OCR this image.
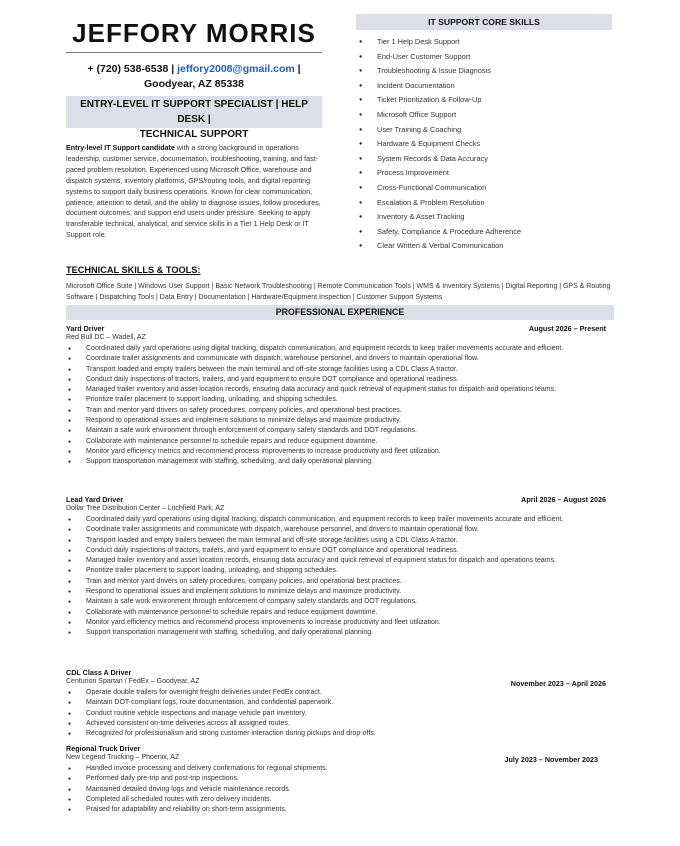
JEFFORY MORRIS
+ (720) 538-6538 | jeffory2008@gmail.com |
Goodyear, AZ 85338
ENTRY-LEVEL IT SUPPORT SPECIALIST | HELP DESK |
TECHNICAL SUPPORT
Entry-level IT Support candidate with a strong background in operations leadership, customer service, documentation, troubleshooting, training, and fast-paced problem resolution. Experienced using Microsoft Office, warehouse and dispatch systems, inventory platforms, GPS/routing tools, and digital reporting systems to support daily business operations. Known for clear communication, patience, attention to detail, and the ability to diagnose issues, follow procedures, document outcomes, and support end users under pressure. Seeking to apply transferable technical, analytical, and service skills in a Tier 1 Help Desk or IT Support role.
IT SUPPORT CORE SKILLS
● Tier 1 Help Desk Support
● End-User Customer Support
● Troubleshooting & Issue Diagnosis
● Incident Documentation
● Ticket Prioritization & Follow-Up
● Microsoft Office Support
● User Training & Coaching
● Hardware & Equipment Checks
● System Records & Data Accuracy
● Process Improvement
● Cross-Functional Communication
● Escalation & Problem Resolution
● Inventory & Asset Tracking
● Safety, Compliance & Procedure Adherence
● Clear Written & Verbal Communication
TECHNICAL SKILLS & TOOLS:
Microsoft Office Suite | Windows User Support | Basic Network Troubleshooting | Remote Communication Tools | WMS & Inventory Systems | Digital Reporting | GPS & Routing Software | Dispatching Tools | Data Entry | Documentation | Hardware/Equipment Inspection | Customer Support Systems
PROFESSIONAL EXPERIENCE
August 2026 – Present
Yard Driver
Red Bull DC – Wadell, AZ
● Coordinated daily yard operations using digital tracking, dispatch communication, and equipment records to keep trailer movements accurate and efficient.
● Coordinate trailer assignments and communicate with dispatch, warehouse personnel, and drivers to maintain operational flow.
● Transport loaded and empty trailers between the main terminal and off-site storage facilities using a CDL Class A tractor.
● Conduct daily inspections of tractors, trailers, and yard equipment to ensure DOT compliance and operational readiness.
● Managed trailer inventory and asset location records, ensuring data accuracy and quick retrieval of equipment status for dispatch and operations teams.
● Prioritize trailer placement to support loading, unloading, and shipping schedules.
● Train and mentor yard drivers on safety procedures, company policies, and operational best practices.
● Respond to operational issues and implement solutions to minimize delays and maximize productivity.
● Maintain a safe work environment through enforcement of company safety standards and DOT regulations.
● Collaborate with maintenance personnel to schedule repairs and reduce equipment downtime.
● Monitor yard efficiency metrics and recommend process improvements to increase productivity and fleet utilization.
● Support transportation management with staffing, scheduling, and daily operational planning.
April 2026 – August 2026
Lead Yard Driver
Dollar Tree Distribution Center – Litchfield Park, AZ
● Coordinated daily yard operations using digital tracking, dispatch communication, and equipment records to keep trailer movements accurate and efficient.
● Coordinate trailer assignments and communicate with dispatch, warehouse personnel, and drivers to maintain operational flow.
● Transport loaded and empty trailers between the main terminal and off-site storage facilities using a CDL Class A tractor.
● Conduct daily inspections of tractors, trailers, and yard equipment to ensure DOT compliance and operational readiness.
● Managed trailer inventory and asset location records, ensuring data accuracy and quick retrieval of equipment status for dispatch and operations teams.
● Prioritize trailer placement to support loading, unloading, and shipping schedules.
● Train and mentor yard drivers on safety procedures, company policies, and operational best practices.
● Respond to operational issues and implement solutions to minimize delays and maximize productivity.
● Maintain a safe work environment through enforcement of company safety standards and DOT regulations.
● Collaborate with maintenance personnel to schedule repairs and reduce equipment downtime.
● Monitor yard efficiency metrics and recommend process improvements to increase productivity and fleet utilization.
● Support transportation management with staffing, scheduling, and daily operational planning.
November 2023 – April 2026
CDL Class A Driver
Centurion Spartan / FedEx – Goodyear, AZ
● Operate double trailers for overnight freight deliveries under FedEx contract.
● Maintain DOT-compliant logs, route documentation, and confidential paperwork.
● Conduct routine vehicle inspections and manage vehicle part inventory.
● Achieved consistent on-time deliveries across all assigned routes.
● Recognized for professionalism and strong customer interaction during pickups and drop-offs.
July 2023 – November 2023
Regional Truck Driver
New Legend Trucking – Phoenix, AZ
● Handled invoice processing and delivery confirmations for regional shipments.
● Performed daily pre-trip and post-trip inspections.
● Maintained detailed driving logs and vehicle maintenance records.
● Completed all scheduled routes with zero delivery incidents.
● Praised for adaptability and reliability on short-term assignments.
